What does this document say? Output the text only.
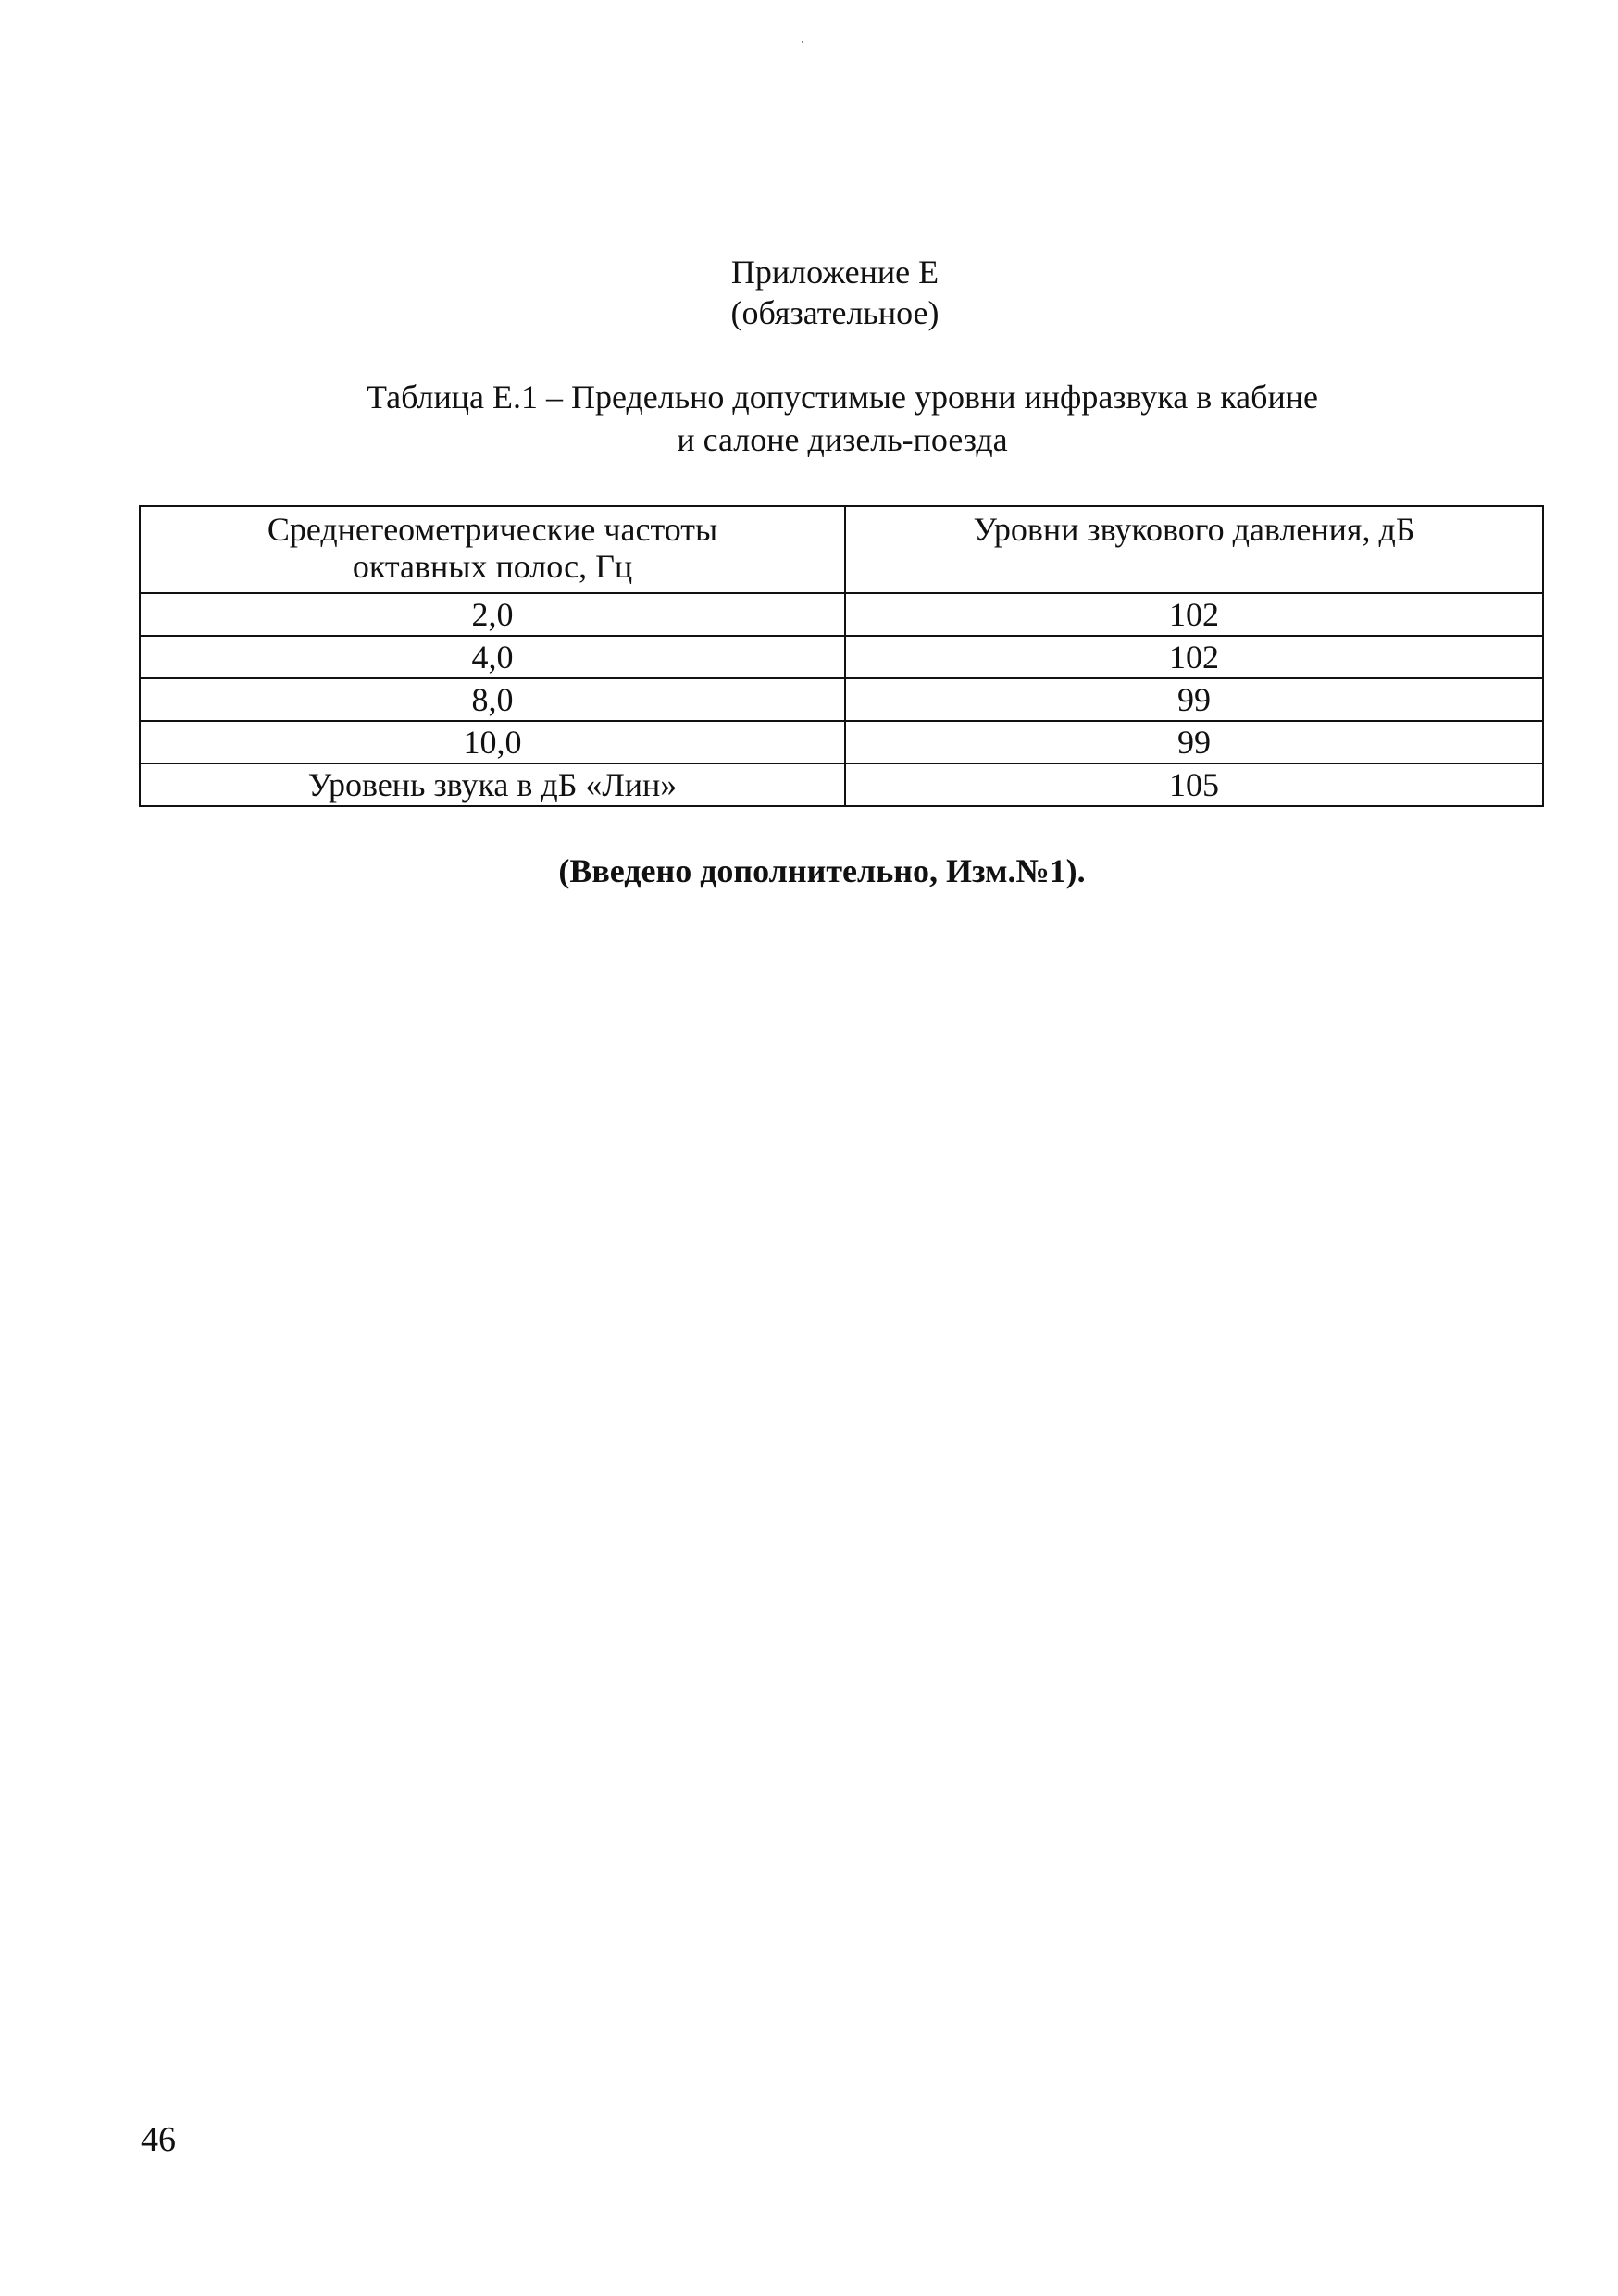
Приложение Е
(обязательное)
Таблица Е.1 – Предельно допустимые уровни инфразвука в кабине
и салоне дизель-поезда
Среднегеометрические частоты
октавных полос, Гц	Уровни звукового давления, дБ
2,0	102
4,0	102
8,0	99
10,0	99
Уровень звука в дБ «Лин»	105
(Введено дополнительно, Изм.№1).
46
